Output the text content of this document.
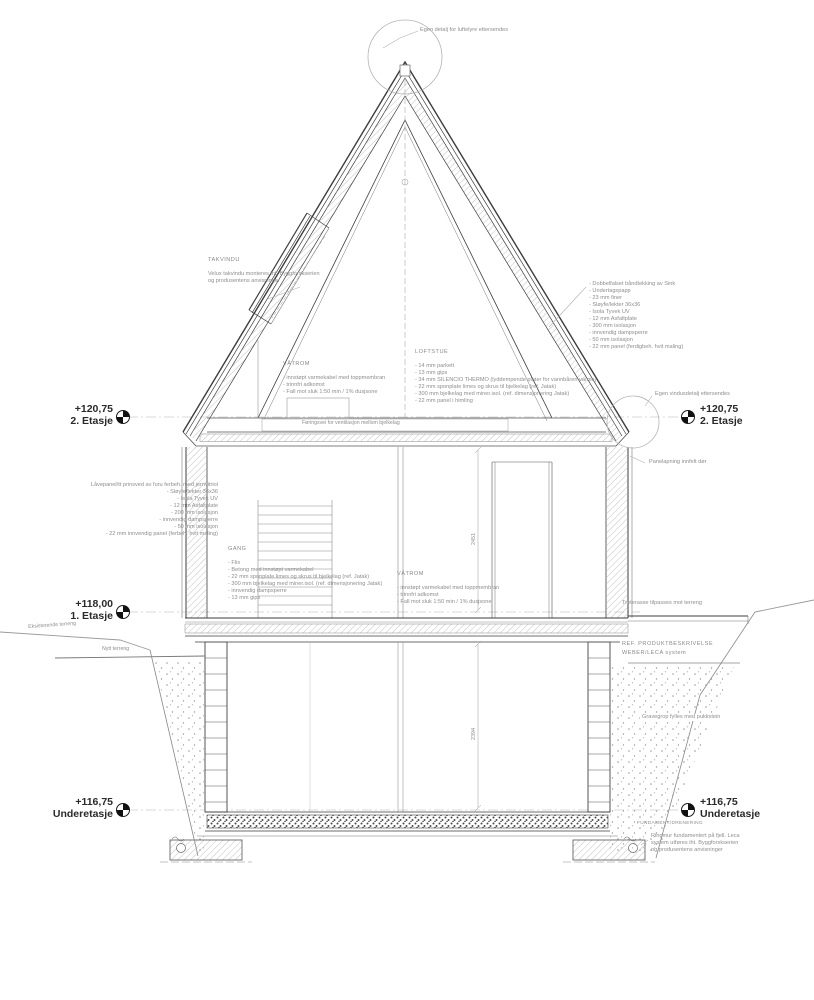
Egen detalj for luftelyre ettersendes
TAKVINDU
Velux takvindu monteres iht. Byggforskserien
og produsentens anvisninger	- Dobbelfalset båndtekking av Sink
- Undertagspapp
- 23 mm finer
- Sløyfe/lekter 36x36
- Isola Tyvek UV
- 12 mm Asfaltplate
- 300 mm isolasjon
- innvendig dampsperre
- 50 mm isolasjon
- 22 mm panel (ferdigbeh. hvit maling)
Låvepanel/tt prinsved av furu ferbeh. med jernvitriol
- Sløyfe/lekter 36x36
- Isola Tyvek UV
- 12 mm Asfaltplate
- 200 mm isolasjon
- innvendig dampsperre
- 50 mm isolasjon
- 22 mm innvendig panel (ferbeh. hvit maling)
VÅTROM
- innstøpt varmekabel med toppmembran
- trinnfri adkomst
- Fall mot sluk 1:50 min / 1% dusjsone
LOFTSTUE
- 14 mm parkett
- 13 mm gips
- 34 mm SILENCIO THERMO (lyddempende plater for vannbåren varme)
- 22 mm sponplate limes og skrus til bjelkelag (ref. Jatak)
- 300 mm bjelkelag med miner.isol. (ref. dimensjonering Jatak)
- 22 mm panel i himling
Føringsvei for ventilasjon mellom bjelkelag
GANG
- Flis
- Betong med innstøpt varmekabel
- 22 mm sponplate limes og skrus til bjelkelag (ref. Jatak)
- 300 mm bjelkelag med miner.isol. (ref. dimensjonering Jatak)
- innvendig dampsperre
- 13 mm gips
VÅTROM
- innstøpt varmekabel med toppmembran
- trinnfri adkomst
- Fall mot sluk 1:50 min / 1% dusjsone
+120,75
2. Etasje
+120,75
2. Etasje
+118,00
1. Etasje
+116,75
Underetasje
+116,75
Underetasje
Egen vindusdetalj ettersendes
Panelapning innfelt dør
Treterasse tilpasses mot terreng
REF. PRODUKTBESKRIVELSE
WEBER/LECA system
Gravegrop fylles med pukkstein
FUNDAMENT/DRENERING
Ringmur fundamentert på fjell. Leca
system utføres iht. Byggforskserien
og produsentens anvisninger
Eksisterende terreng
Nytt terreng
2451
2394
